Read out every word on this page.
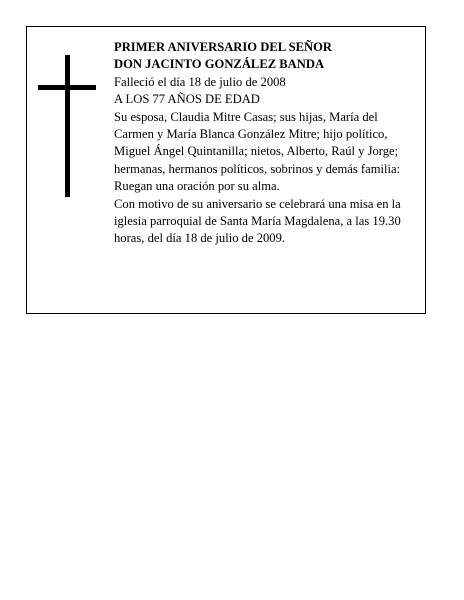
PRIMER ANIVERSARIO DEL SEÑOR

DON JACINTO GONZÁLEZ BANDA

Falleció el día 18 de julio de 2008

A LOS 77 AÑOS DE EDAD

Su esposa, Claudia Mitre Casas; sus hijas, María del Carmen y María Blanca González Mitre; hijo político, Miguel Ángel Quintanilla; nietos, Alberto, Raúl y Jorge; hermanas, hermanos políticos, sobrinos y demás familia:

Ruegan una oración por su alma.

Con motivo de su aniversario se celebrará una misa en la iglesia parroquial de Santa María Magdalena, a las 19.30 horas, del día 18 de julio de 2009.
